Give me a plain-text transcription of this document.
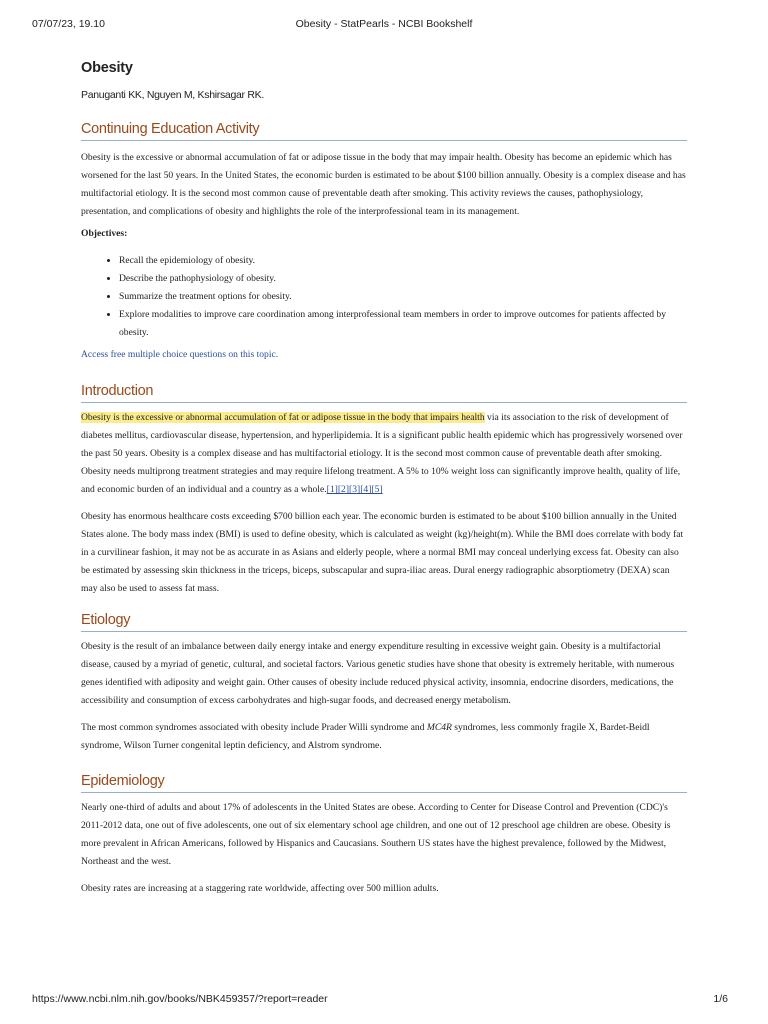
07/07/23, 19.10	Obesity - StatPearls - NCBI Bookshelf
Obesity
Panuganti KK, Nguyen M, Kshirsagar RK.
Continuing Education Activity

Obesity is the excessive or abnormal accumulation of fat or adipose tissue in the body that may impair health. Obesity has become an epidemic which has worsened for the last 50 years. In the United States, the economic burden is estimated to be about $100 billion annually. Obesity is a complex disease and has multifactorial etiology. It is the second most common cause of preventable death after smoking. This activity reviews the causes, pathophysiology, presentation, and complications of obesity and highlights the role of the interprofessional team in its management.

Objectives:

• Recall the epidemiology of obesity.
• Describe the pathophysiology of obesity.
• Summarize the treatment options for obesity.
• Explore modalities to improve care coordination among interprofessional team members in order to improve outcomes for patients affected by obesity.

Access free multiple choice questions on this topic.

Introduction

Obesity is the excessive or abnormal accumulation of fat or adipose tissue in the body that impairs health via its association to the risk of development of diabetes mellitus, cardiovascular disease, hypertension, and hyperlipidemia. It is a significant public health epidemic which has progressively worsened over the past 50 years. Obesity is a complex disease and has multifactorial etiology. It is the second most common cause of preventable death after smoking. Obesity needs multiprong treatment strategies and may require lifelong treatment. A 5% to 10% weight loss can significantly improve health, quality of life, and economic burden of an individual and a country as a whole.[1][2][3][4][5]

Obesity has enormous healthcare costs exceeding $700 billion each year. The economic burden is estimated to be about $100 billion annually in the United States alone. The body mass index (BMI) is used to define obesity, which is calculated as weight (kg)/height(m). While the BMI does correlate with body fat in a curvilinear fashion, it may not be as accurate in as Asians and elderly people, where a normal BMI may conceal underlying excess fat. Obesity can also be estimated by assessing skin thickness in the triceps, biceps, subscapular and supra-iliac areas. Dural energy radiographic absorptiometry (DEXA) scan may also be used to assess fat mass.

Etiology

Obesity is the result of an imbalance between daily energy intake and energy expenditure resulting in excessive weight gain. Obesity is a multifactorial disease, caused by a myriad of genetic, cultural, and societal factors. Various genetic studies have shone that obesity is extremely heritable, with numerous genes identified with adiposity and weight gain. Other causes of obesity include reduced physical activity, insomnia, endocrine disorders, medications, the accessibility and consumption of excess carbohydrates and high-sugar foods, and decreased energy metabolism.

The most common syndromes associated with obesity include Prader Willi syndrome and MC4R syndromes, less commonly fragile X, Bardet-Beidl syndrome, Wilson Turner congenital leptin deficiency, and Alstrom syndrome.

Epidemiology

Nearly one-third of adults and about 17% of adolescents in the United States are obese. According to Center for Disease Control and Prevention (CDC)'s 2011-2012 data, one out of five adolescents, one out of six elementary school age children, and one out of 12 preschool age children are obese. Obesity is more prevalent in African Americans, followed by Hispanics and Caucasians. Southern US states have the highest prevalence, followed by the Midwest, Northeast and the west.

Obesity rates are increasing at a staggering rate worldwide, affecting over 500 million adults.

https://www.ncbi.nlm.nih.gov/books/NBK459357/?report=reader	1/6
